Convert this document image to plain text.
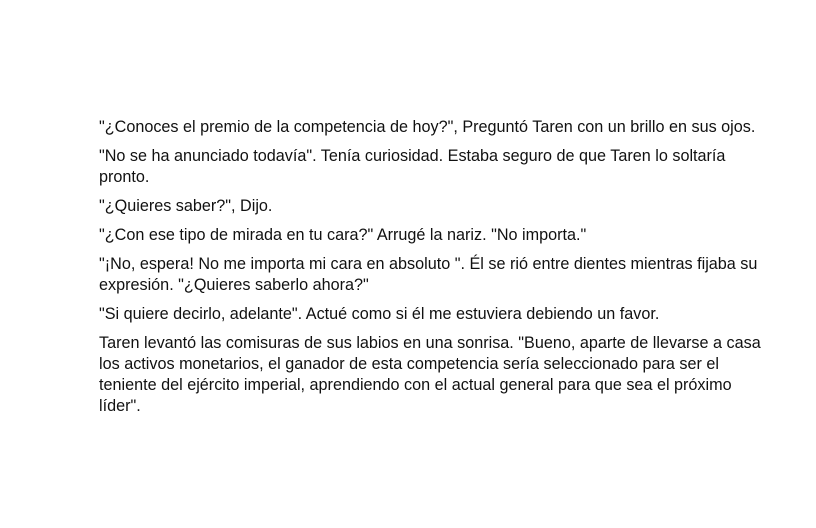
"¿Conoces el premio de la competencia de hoy?", Preguntó Taren con un brillo en sus ojos.

"No se ha anunciado todavía". Tenía curiosidad. Estaba seguro de que Taren lo soltaría pronto.

"¿Quieres saber?", Dijo.

"¿Con ese tipo de mirada en tu cara?" Arrugé la nariz. "No importa."

"¡No, espera! No me importa mi cara en absoluto ". Él se rió entre dientes mientras fijaba su expresión. "¿Quieres saberlo ahora?"

"Si quiere decirlo, adelante". Actué como si él me estuviera debiendo un favor.

Taren levantó las comisuras de sus labios en una sonrisa. "Bueno, aparte de llevarse a casa los activos monetarios, el ganador de esta competencia sería seleccionado para ser el teniente del ejército imperial, aprendiendo con el actual general para que sea el próximo líder".
